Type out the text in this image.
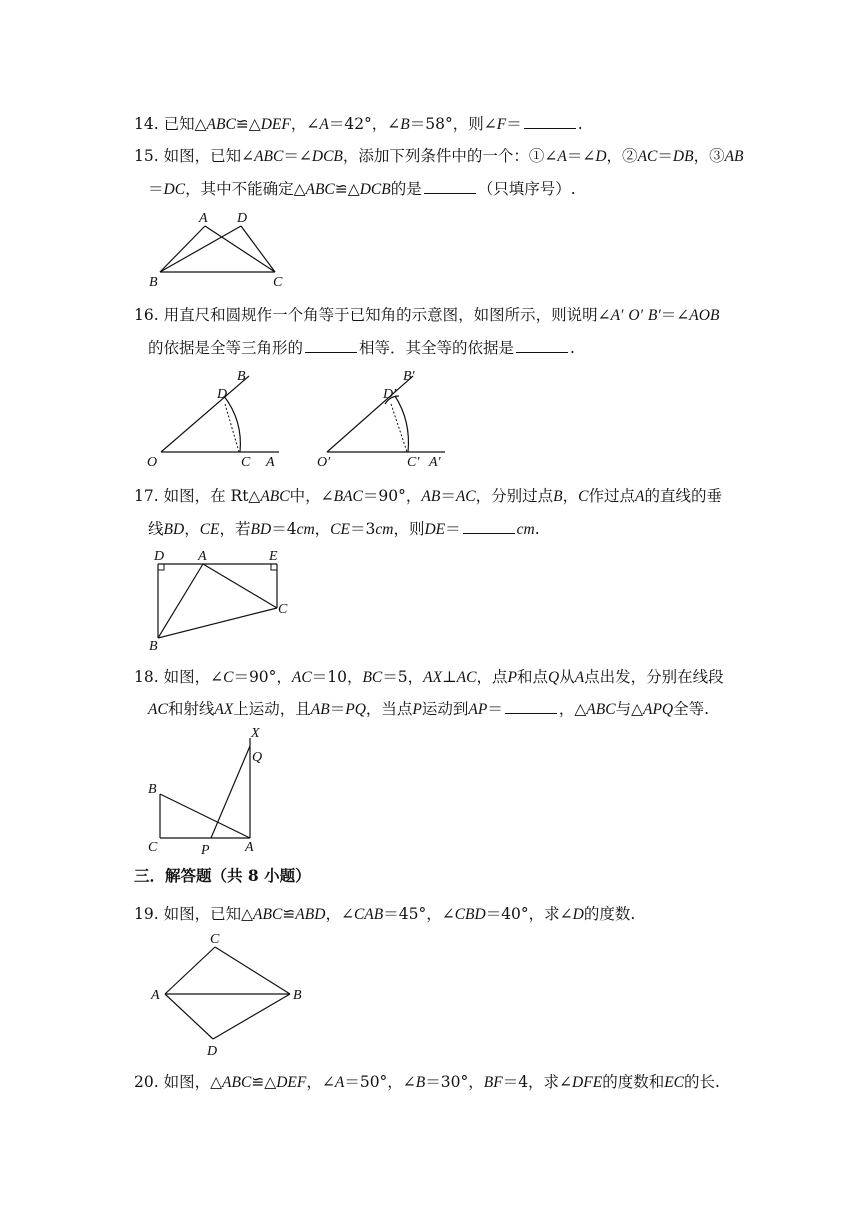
14. 已知△ABC≌△DEF，∠A＝42°，∠B＝58°，则∠F＝	.
15. 如图，已知∠ABC＝∠DCB，添加下列条件中的一个：①∠A＝∠D，②AC＝DB，③AB
＝DC，其中不能确定△ABC≌△DCB的是	（只填序号）.
A D
B	C
16. 用直尺和圆规作一个角等于已知角的示意图，如图所示，则说明∠A′ O′ B′＝∠AOB
的依据是全等三角形的	相等．其全等的依据是	.
O	C A
D
B
O′	C′ A′
D′
B′
17. 如图，在 Rt△ABC中，∠BAC＝90°，AB＝AC，分别过点B，C作过点A的直线的垂
线BD，CE，若BD＝4cm，CE＝3cm，则DE＝	cm.
D A	E
C
B
18. 如图，∠C＝90°，AC＝10，BC＝5，AX⊥AC，点P和点Q从A点出发，分别在线段
AC和射线AX上运动，且AB＝PQ，当点P运动到AP＝	，△ABC与△APQ全等.
X
Q
B
C	P	A
三．解答题（共 8 小题）
19. 如图，已知△ABC≌ABD，∠CAB＝45°，∠CBD＝40°，求∠D的度数.
C
A	B
D
20. 如图，△ABC≌△DEF，∠A＝50°，∠B＝30°，BF＝4，求∠DFE的度数和EC的长.
